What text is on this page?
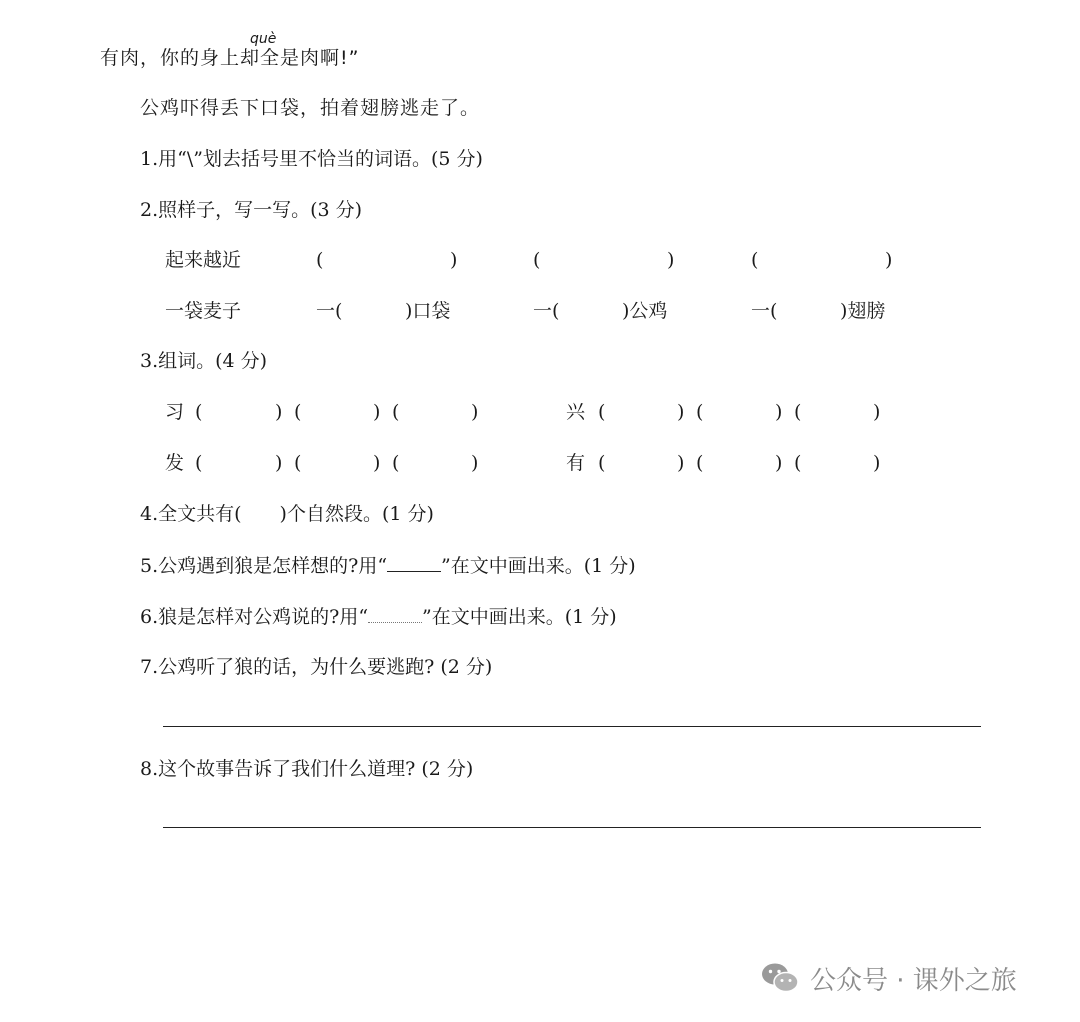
què
有肉，你的身上却全是肉啊!”
公鸡吓得丢下口袋，拍着翅膀逃走了。
1.用“\”划去括号里不恰当的词语。(5 分)
2.照样子，写一写。(3 分)
起来越近	(	)	(	)	(	)
一袋麦子	一(	)口袋	一(	)公鸡	一(	)翅膀
3.组词。(4 分)
习 (	) (	) (	)	兴 (	) (	) (	)
发 (	) (	) (	)	有 (	) (	) (	)
4.全文共有(　　)个自然段。(1 分)
5.公鸡遇到狼是怎样想的?用“	”在文中画出来。(1 分)
6.狼是怎样对公鸡说的?用“	”在文中画出来。(1 分)
7.公鸡听了狼的话，为什么要逃跑? (2 分)
8.这个故事告诉了我们什么道理? (2 分)
公众号 · 课外之旅
